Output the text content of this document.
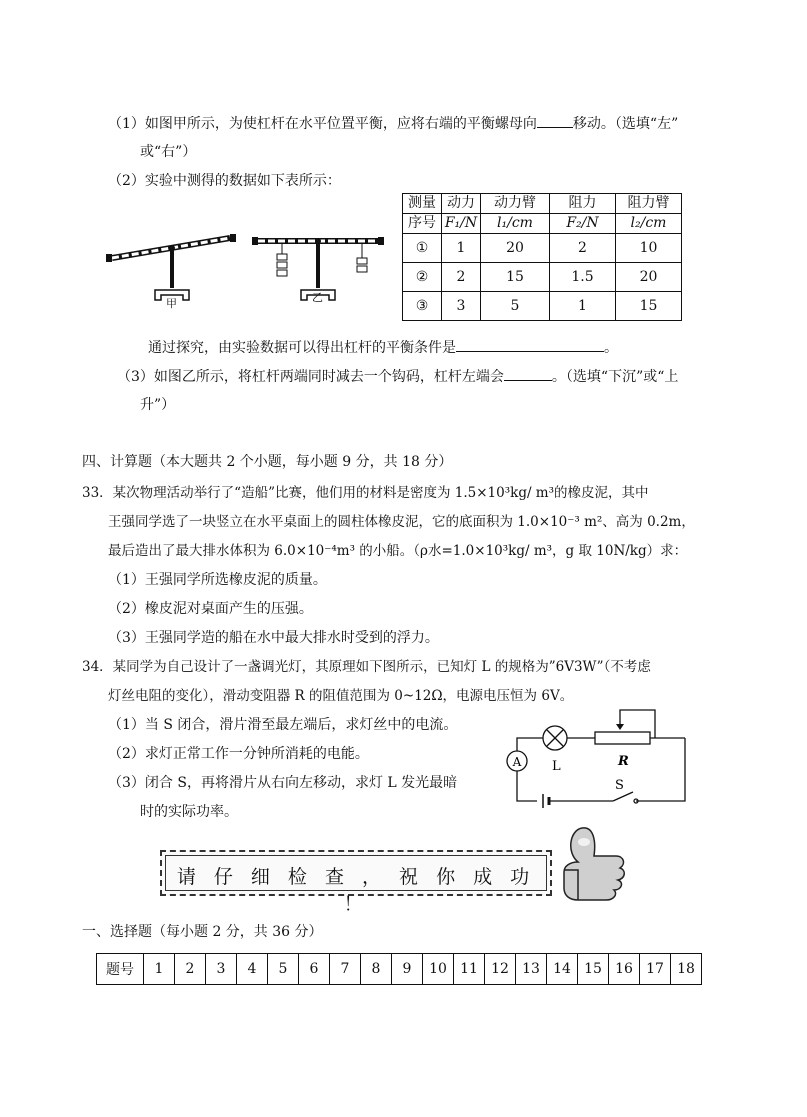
（1）如图甲所示，为使杠杆在水平位置平衡，应将右端的平衡螺母向	移动。（选填“左”
或“右”）
（2）实验中测得的数据如下表所示：
甲	乙
测量	动力	动力臂	阻力	阻力臂
序号	F₁/N	l₁/cm	F₂/N	l₂/cm
①	1	20	2	10
②	2	15	1.5	20
③	3	5	1	15
通过探究，由实验数据可以得出杠杆的平衡条件是	。
（3）如图乙所示，将杠杆两端同时减去一个钩码，杠杆左端会	。（选填“下沉”或“上
升”）
四、计算题（本大题共 2 个小题，每小题 9 分，共 18 分）
33．某次物理活动举行了“造船”比赛，他们用的材料是密度为 1.5×10³kg/ m³的橡皮泥，其中
王强同学选了一块竖立在水平桌面上的圆柱体橡皮泥，它的底面积为 1.0×10⁻³ m²、高为 0.2m，
最后造出了最大排水体积为 6.0×10⁻⁴m³ 的小船。（ρ水=1.0×10³kg/ m³，g 取 10N/kg）求：
（1）王强同学所选橡皮泥的质量。
（2）橡皮泥对桌面产生的压强。
（3）王强同学造的船在水中最大排水时受到的浮力。
34．某同学为自己设计了一盏调光灯，其原理如下图所示，已知灯 L 的规格为”6V3W”（不考虑
灯丝电阻的变化），滑动变阻器 R 的阻值范围为 0~12Ω，电源电压恒为 6V。
（1）当 S 闭合，滑片滑至最左端后，求灯丝中的电流。
（2）求灯正常工作一分钟所消耗的电能。
（3）闭合 S，再将滑片从右向左移动，求灯 L 发光最暗
时的实际功率。
A L	R
S
请 仔 细 检 查 ， 祝 你 成 功 ！
一、选择题（每小题 2 分，共 36 分）
题号	1	2	3	4	5	6	7	8	9	10	11	12	13	14	15	16	17	18
